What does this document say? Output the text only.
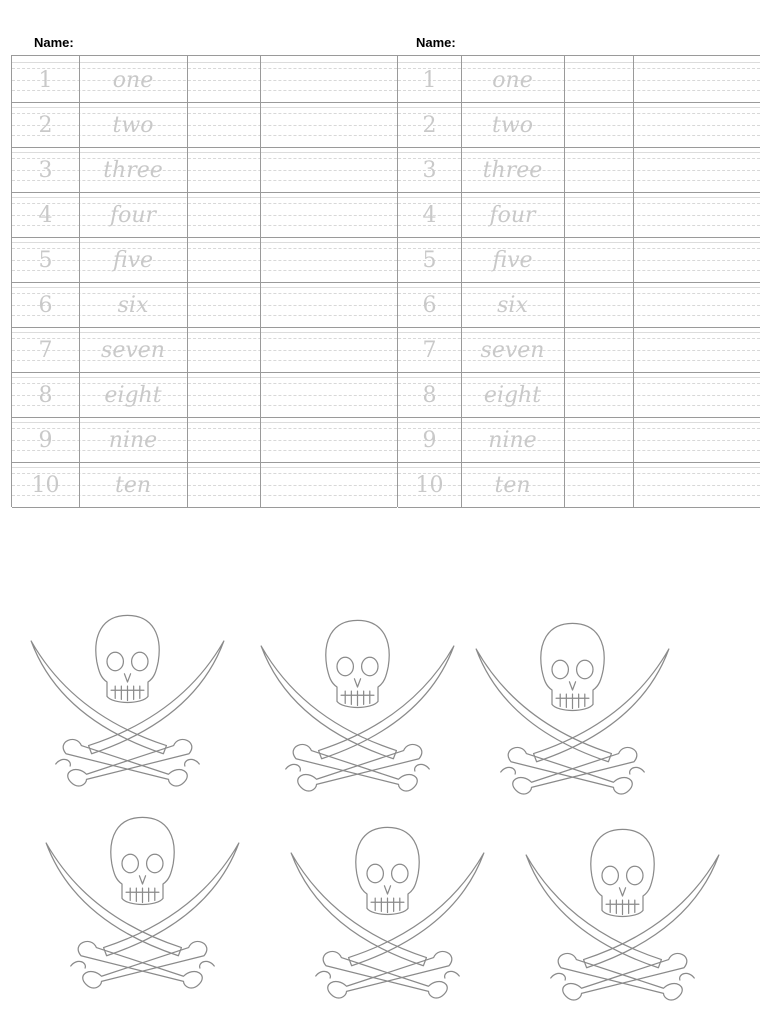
Name:	Name:
1	one
2	two
3	three
4	four
5	five
6	six
7	seven
8	eight
9	nine
10	ten
1	one
2	two
3	three
4	four
5	five
6	six
7	seven
8	eight
9	nine
10	ten
